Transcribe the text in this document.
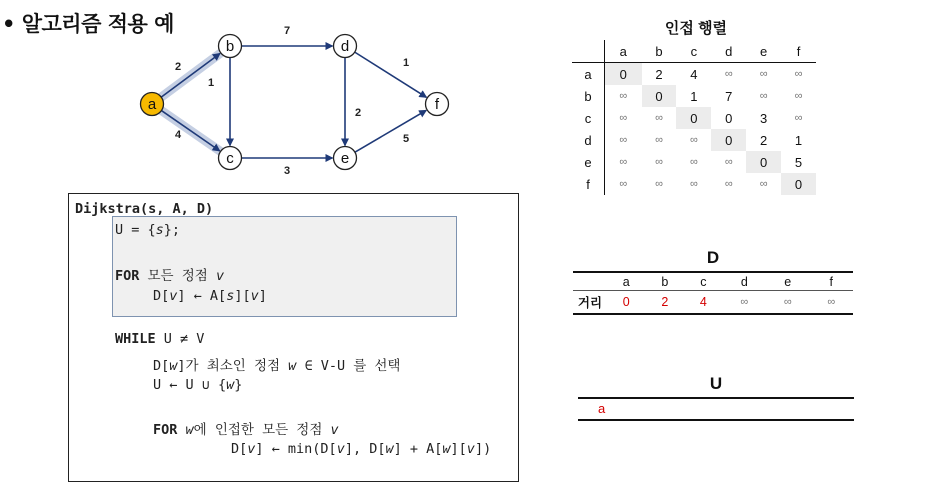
• 알고리즘 적용 예
2
4
1
7
3
2
1
5
a
b
c
d
e
f
Dijkstra(s, A, D)
U = {s};
FOR 모든 정점 v
D[v] ← A[s][v]
WHILE U ≠ V
D[w]가 최소인 정점 w ∈ V-U 를 선택
U ← U ∪ {w}
FOR w에 인접한 모든 정점 v
D[v] ← min(D[v], D[w] + A[w][v])
인접 행렬
	a	b	c	d	e	f
a	0	2	4	∞	∞	∞
b	∞	0	1	7	∞	∞
c	∞	∞	0	0	3	∞
d	∞	∞	∞	0	2	1
e	∞	∞	∞	∞	0	5
f	∞	∞	∞	∞	∞	0
D
	a	b	c	d	e	f
거리	0	2	4	∞	∞	∞
U
a
